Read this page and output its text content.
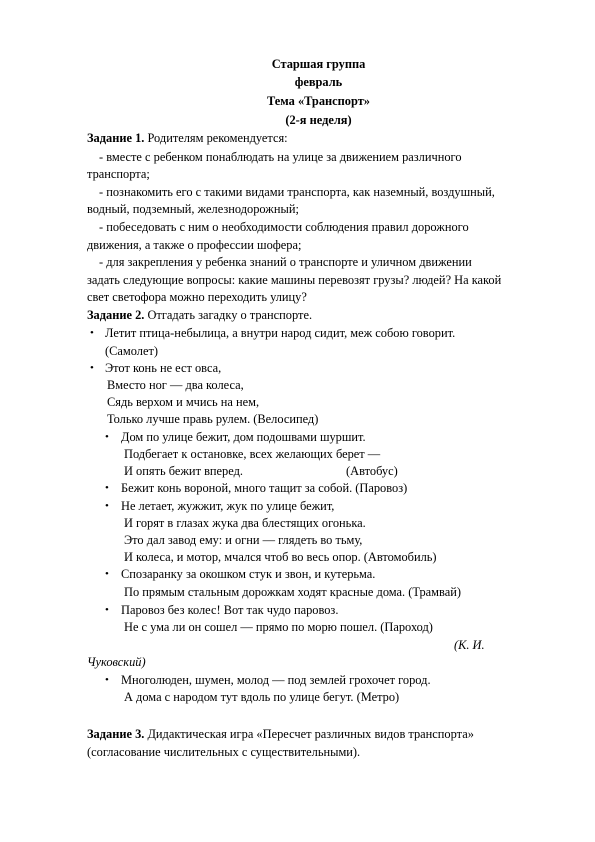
Старшая группа
февраль
Тема «Транспорт»
(2-я неделя)
Задание 1. Родителям рекомендуется:
- вместе с ребенком понаблюдать на улице за движением различного
транспорта;
- познакомить его с такими видами транспорта, как наземный, воздушный,
водный, подземный, железнодорожный;
- побеседовать с ним о необходимости соблюдения правил дорожного
движения, а также о профессии шофера;
- для закрепления у ребенка знаний о транспорте и уличном движении
задать следующие вопросы: какие машины перевозят грузы? людей? На какой
свет светофора можно переходить улицу?
Задание 2. Отгадать загадку о транспорте.
• Летит птица-небылица, а внутри народ сидит, меж собою говорит.
(Самолет)
• Этот конь не ест овса,
Вместо ног — два колеса,
Сядь верхом и мчись на нем,
Только лучше правь рулем. (Велосипед)
• Дом по улице бежит, дом подошвами шуршит.
Подбегает к остановке, всех желающих берет —
И опять бежит вперед.	(Автобус)
• Бежит конь вороной, много тащит за собой. (Паровоз)
• Не летает, жужжит, жук по улице бежит,
И горят в глазах жука два блестящих огонька.
Это дал завод ему: и огни — глядеть во тьму,
И колеса, и мотор, мчался чтоб во весь опор. (Автомобиль)
• Спозаранку за окошком стук и звон, и кутерьма.
По прямым стальным дорожкам ходят красные дома. (Трамвай)
• Паровоз без колес! Вот так чудо паровоз.
Не с ума ли он сошел — прямо по морю пошел. (Пароход)
(К. И.
Чуковский)
• Многолюден, шумен, молод — под землей грохочет город.
А дома с народом тут вдоль по улице бегут. (Метро)
Задание 3. Дидактическая игра «Пересчет различных видов транспорта»
(согласование числительных с существительными).
